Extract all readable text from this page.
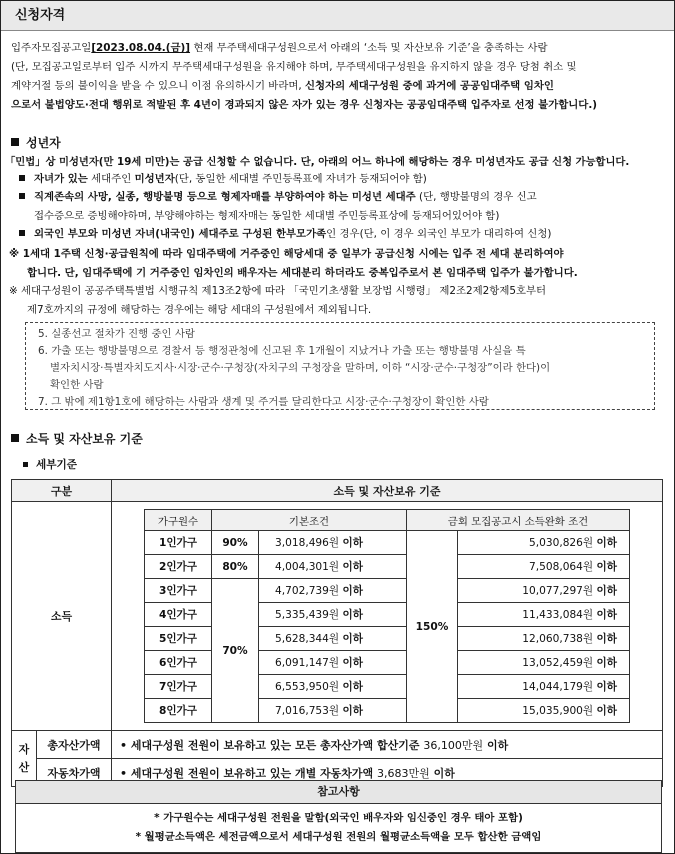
신청자격
입주자모집공고일[2023.08.04.(금)] 현재 무주택세대구성원으로서 아래의 ‘소득 및 자산보유 기준’을 충족하는 사람
(단, 모집공고일로부터 입주 시까지 무주택세대구성원을 유지해야 하며, 무주택세대구성원을 유지하지 않을 경우 당첨 취소 및
계약거절 등의 불이익을 받을 수 있으니 이점 유의하시기 바라며, 신청자의 세대구성원 중에 과거에 공공임대주택 임차인
으로서 불법양도·전대 행위로 적발된 후 4년이 경과되지 않은 자가 있는 경우 신청자는 공공임대주택 입주자로 선정 불가합니다.)
성년자
「민법」상 미성년자(만 19세 미만)는 공급 신청할 수 없습니다. 단, 아래의 어느 하나에 해당하는 경우 미성년자도 공급 신청 가능합니다.
자녀가 있는 세대주인 미성년자(단, 동일한 세대별 주민등록표에 자녀가 등재되어야 함)
직계존속의 사망, 실종, 행방불명 등으로 형제자매를 부양하여야 하는 미성년 세대주 (단, 행방불명의 경우 신고
접수증으로 증빙해야하며, 부양해야하는 형제자매는 동일한 세대별 주민등록표상에 등재되어있어야 함)
외국인 부모와 미성년 자녀(내국인) 세대주로 구성된 한부모가족인 경우(단, 이 경우 외국인 부모가 대리하여 신청)
※ 1세대 1주택 신청·공급원칙에 따라 임대주택에 거주중인 해당세대 중 일부가 공급신청 시에는 입주 전 세대 분리하여야
합니다. 단, 임대주택에 기 거주중인 임차인의 배우자는 세대분리 하더라도 중복입주로서 본 임대주택 입주가 불가합니다.
※ 세대구성원이 공공주택특별법 시행규칙 제13조2항에 따라 「국민기초생활 보장법 시행령」 제2조2제2항제5호부터
제7호까지의 규정에 해당하는 경우에는 해당 세대의 구성원에서 제외됩니다.
5. 실종선고 절차가 진행 중인 사람
6. 가출 또는 행방불명으로 경찰서 등 행정관청에 신고된 후 1개월이 지났거나 가출 또는 행방불명 사실을 특
별자치시장·특별자치도지사·시장·군수·구청장(자치구의 구청장을 말하며, 이하 “시장·군수·구청장”이라 한다)이
확인한 사람
7. 그 밖에 제1항1호에 해당하는 사람과 생계 및 주거를 달리한다고 시장·군수·구청장이 확인한 사람
소득 및 자산보유 기준
세부기준
구분	소득 및 자산보유 기준
소득	
가구원수	기본조건	금회 모집공고시 소득완화 조건
1인가구	90%	3,018,496원 이하	150%	5,030,826원 이하
2인가구	80%	4,004,301원 이하	7,508,064원 이하
3인가구	70%	4,702,739원 이하	10,077,297원 이하
4인가구	5,335,439원 이하	11,433,084원 이하
5인가구	5,628,344원 이하	12,060,738원 이하
6인가구	6,091,147원 이하	13,052,459원 이하
7인가구	6,553,950원 이하	14,044,179원 이하
8인가구	7,016,753원 이하	15,035,900원 이하

자
산
	총자산가액	• 세대구성원 전원이 보유하고 있는 모든 총자산가액 합산기준 36,100만원 이하
자동차가액	• 세대구성원 전원이 보유하고 있는 개별 자동차가액 3,683만원 이하
참고사항
* 가구원수는 세대구성원 전원을 말함(외국인 배우자와 임신중인 경우 태아 포함)
* 월평균소득액은 세전금액으로서 세대구성원 전원의 월평균소득액을 모두 합산한 금액임
